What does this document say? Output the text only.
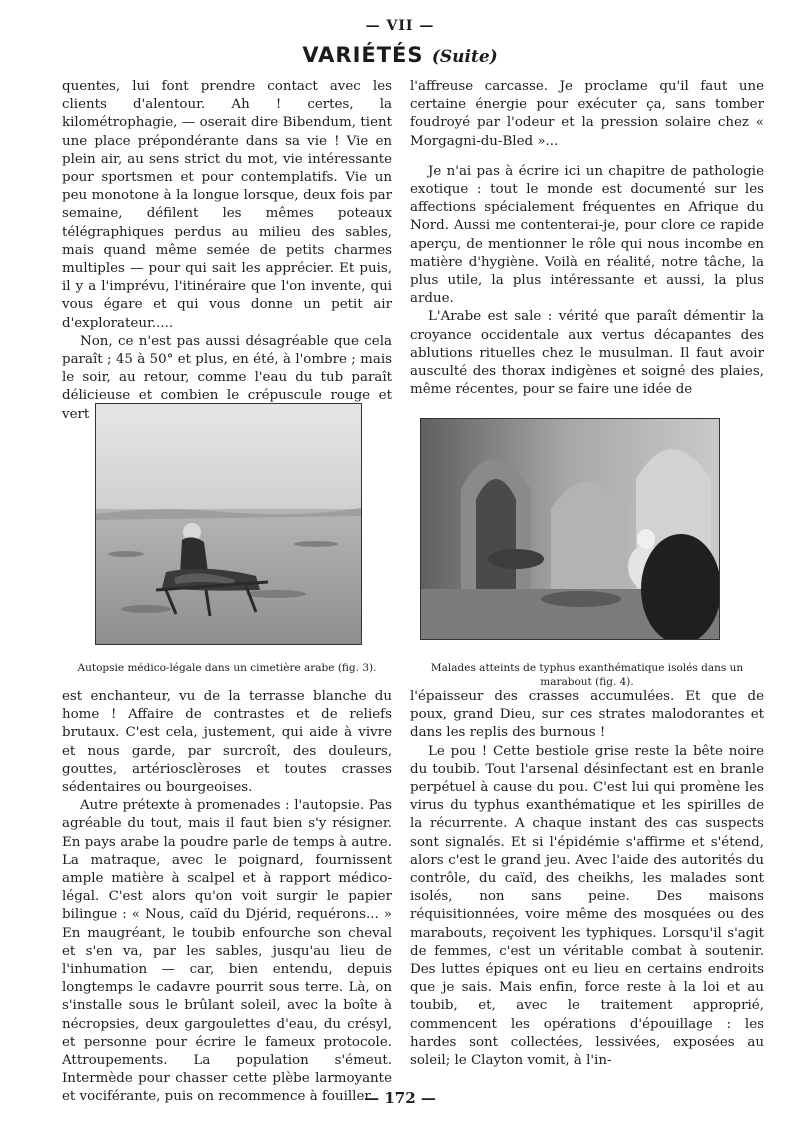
— VII —
VARIÉTÉS (Suite)

quentes, lui font prendre contact avec les clients d'alentour. Ah ! certes, la kilométrophagie, — oserait dire Bibendum, tient une place prépondérante dans sa vie ! Vie en plein air, au sens strict du mot, vie intéressante pour sportsmen et pour contemplatifs. Vie un peu monotone à la longue lorsque, deux fois par semaine, défilent les mêmes poteaux télégraphiques perdus au milieu des sables, mais quand même semée de petits charmes multiples — pour qui sait les apprécier. Et puis, il y a l'imprévu, l'itinéraire que l'on invente, qui vous égare et qui vous donne un petit air d'explorateur.....

Non, ce n'est pas aussi désagréable que cela paraît ; 45 à 50° et plus, en été, à l'ombre ; mais le soir, au retour, comme l'eau du tub paraît délicieuse et combien le crépuscule rouge et vert

l'affreuse carcasse. Je proclame qu'il faut une certaine énergie pour exécuter ça, sans tomber foudroyé par l'odeur et la pression solaire chez « Morgagni-du-Bled »...

Je n'ai pas à écrire ici un chapitre de pathologie exotique : tout le monde est documenté sur les affections spécialement fréquentes en Afrique du Nord. Aussi me contenterai-je, pour clore ce rapide aperçu, de mentionner le rôle qui nous incombe en matière d'hygiène. Voilà en réalité, notre tâche, la plus utile, la plus intéressante et aussi, la plus ardue.

L'Arabe est sale : vérité que paraît démentir la croyance occidentale aux vertus décapantes des ablutions rituelles chez le musulman. Il faut avoir ausculté des thorax indigènes et soigné des plaies, même récentes, pour se faire une idée de

Autopsie médico-légale dans un cimetière arabe (fig. 3).	Malades atteints de typhus exanthématique isolés dans un marabout (fig. 4).

est enchanteur, vu de la terrasse blanche du home ! Affaire de contrastes et de reliefs brutaux. C'est cela, justement, qui aide à vivre et nous garde, par surcroît, des douleurs, gouttes, artériosclèroses et toutes crasses sédentaires ou bourgeoises.

Autre prétexte à promenades : l'autopsie. Pas agréable du tout, mais il faut bien s'y résigner. En pays arabe la poudre parle de temps à autre. La matraque, avec le poignard, fournissent ample matière à scalpel et à rapport médico-légal. C'est alors qu'on voit surgir le papier bilingue : « Nous, caïd du Djérid, requérons... » En maugréant, le toubib enfourche son cheval et s'en va, par les sables, jusqu'au lieu de l'inhumation — car, bien entendu, depuis longtemps le cadavre pourrit sous terre. Là, on s'installe sous le brûlant soleil, avec la boîte à nécropsies, deux gargoulettes d'eau, du crésyl, et personne pour écrire le fameux protocole. Attroupements. La population s'émeut. Intermède pour chasser cette plèbe larmoyante et vociférante, puis on recommence à fouiller

l'épaisseur des crasses accumulées. Et que de poux, grand Dieu, sur ces strates malodorantes et dans les replis des burnous !

Le pou ! Cette bestiole grise reste la bête noire du toubib. Tout l'arsenal désinfectant est en branle perpétuel à cause du pou. C'est lui qui promène les virus du typhus exanthématique et les spirilles de la récurrente. A chaque instant des cas suspects sont signalés. Et si l'épidémie s'affirme et s'étend, alors c'est le grand jeu. Avec l'aide des autorités du contrôle, du caïd, des cheikhs, les malades sont isolés, non sans peine. Des maisons réquisitionnées, voire même des mosquées ou des marabouts, reçoivent les typhiques. Lorsqu'il s'agit de femmes, c'est un véritable combat à soutenir. Des luttes épiques ont eu lieu en certains endroits que je sais. Mais enfin, force reste à la loi et au toubib, et, avec le traitement approprié, commencent les opérations d'épouillage : les hardes sont collectées, lessivées, exposées au soleil; le Clayton vomit, à l'in-

— 172 —
